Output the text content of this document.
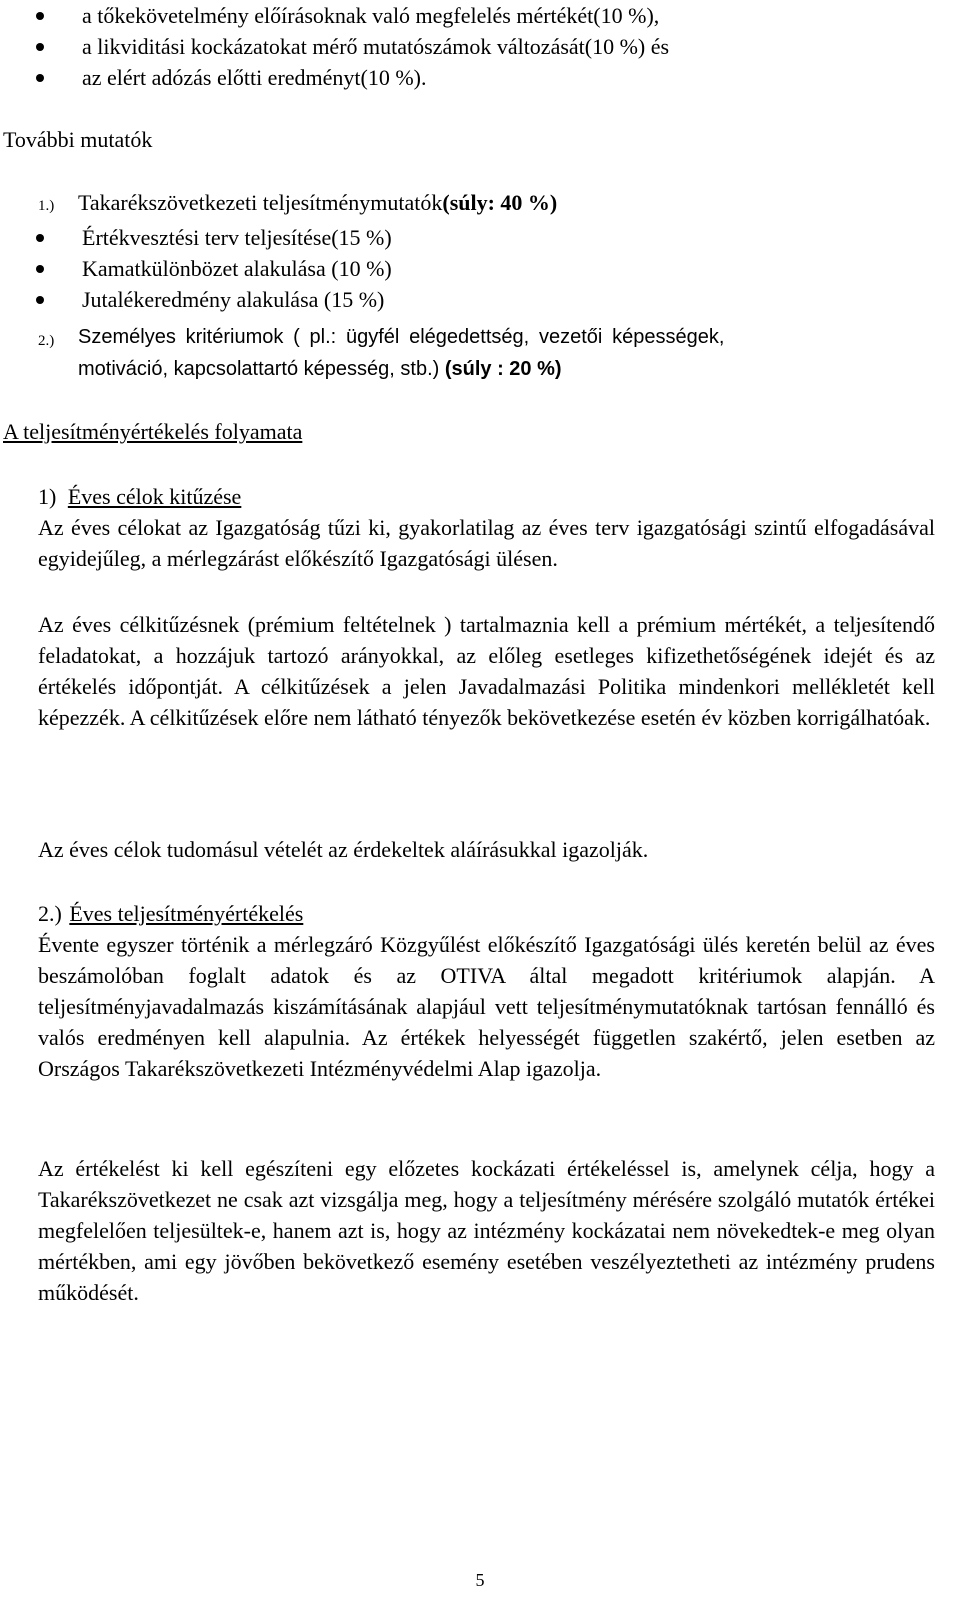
a tőkekövetelmény előírásoknak való megfelelés mértékét(10 %),
a likviditási kockázatokat mérő mutatószámok változását(10 %) és
az elért adózás előtti eredményt(10 %).
További mutatók
1.) Takarékszövetkezeti teljesítménymutatók(súly: 40 %)
Értékvesztési terv teljesítése(15 %)
Kamatkülönbözet alakulása (10 %)
Jutalékeredmény alakulása (15 %)
2.) Személyes kritériumok ( pl.: ügyfél elégedettség, vezetői képességek,
motiváció, kapcsolattartó képesség, stb.) (súly : 20 %)
A teljesítményértékelés folyamata
1) Éves célok kitűzése
Az éves célokat az Igazgatóság tűzi ki, gyakorlatilag az éves terv igazgatósági szintű elfogadásával egyidejűleg, a mérlegzárást előkészítő Igazgatósági ülésen.
Az éves célkitűzésnek (prémium feltételnek ) tartalmaznia kell a prémium mértékét, a teljesítendő feladatokat, a hozzájuk tartozó arányokkal, az előleg esetleges kifizethetőségének idejét és az értékelés időpontját. A célkitűzések a jelen Javadalmazási Politika mindenkori mellékletét kell képezzék. A célkitűzések előre nem látható tényezők bekövetkezése esetén év közben korrigálhatóak.
Az éves célok tudomásul vételét az érdekeltek aláírásukkal igazolják.
2.) Éves teljesítményértékelés
Évente egyszer történik a mérlegzáró Közgyűlést előkészítő Igazgatósági ülés keretén belül az éves beszámolóban foglalt adatok és az OTIVA által megadott kritériumok alapján. A teljesítményjavadalmazás kiszámításának alapjául vett teljesítménymutatóknak tartósan fennálló és valós eredményen kell alapulnia. Az értékek helyességét független szakértő, jelen esetben az Országos Takarékszövetkezeti Intézményvédelmi Alap igazolja.
Az értékelést ki kell egészíteni egy előzetes kockázati értékeléssel is, amelynek célja, hogy a Takarékszövetkezet ne csak azt vizsgálja meg, hogy a teljesítmény mérésére szolgáló mutatók értékei megfelelően teljesültek-e, hanem azt is, hogy az intézmény kockázatai nem növekedtek-e meg olyan mértékben, ami egy jövőben bekövetkező esemény esetében veszélyeztetheti az intézmény prudens működését.
5
